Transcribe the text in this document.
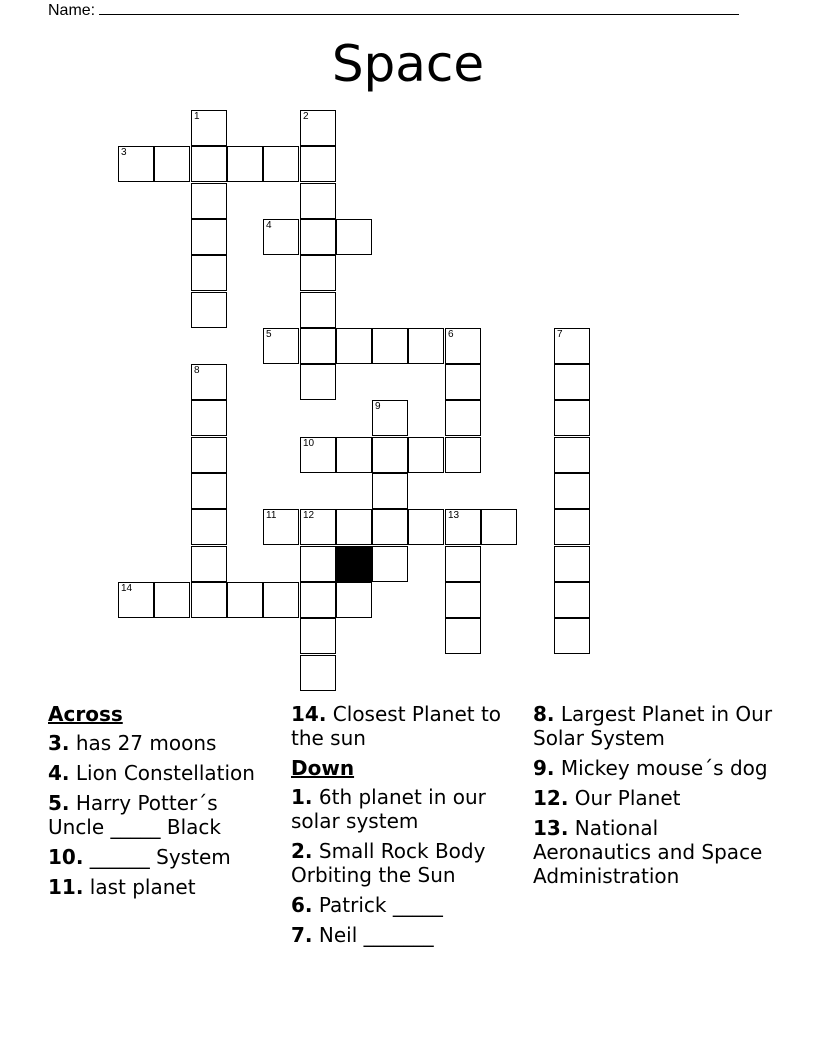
Name:
Space
1	2
3
4
5	6	7
8
9
10
11	12	13
14
Across
3. has 27 moons
4. Lion Constellation
5. Harry Potter´s Uncle _____ Black
10. ______ System
11. last planet
14. Closest Planet to the sun
Down
1. 6th planet in our solar system
2. Small Rock Body Orbiting the Sun
6. Patrick _____
7. Neil _______
8. Largest Planet in Our Solar System
9. Mickey mouse´s dog
12. Our Planet
13. National Aeronautics and Space Administration
